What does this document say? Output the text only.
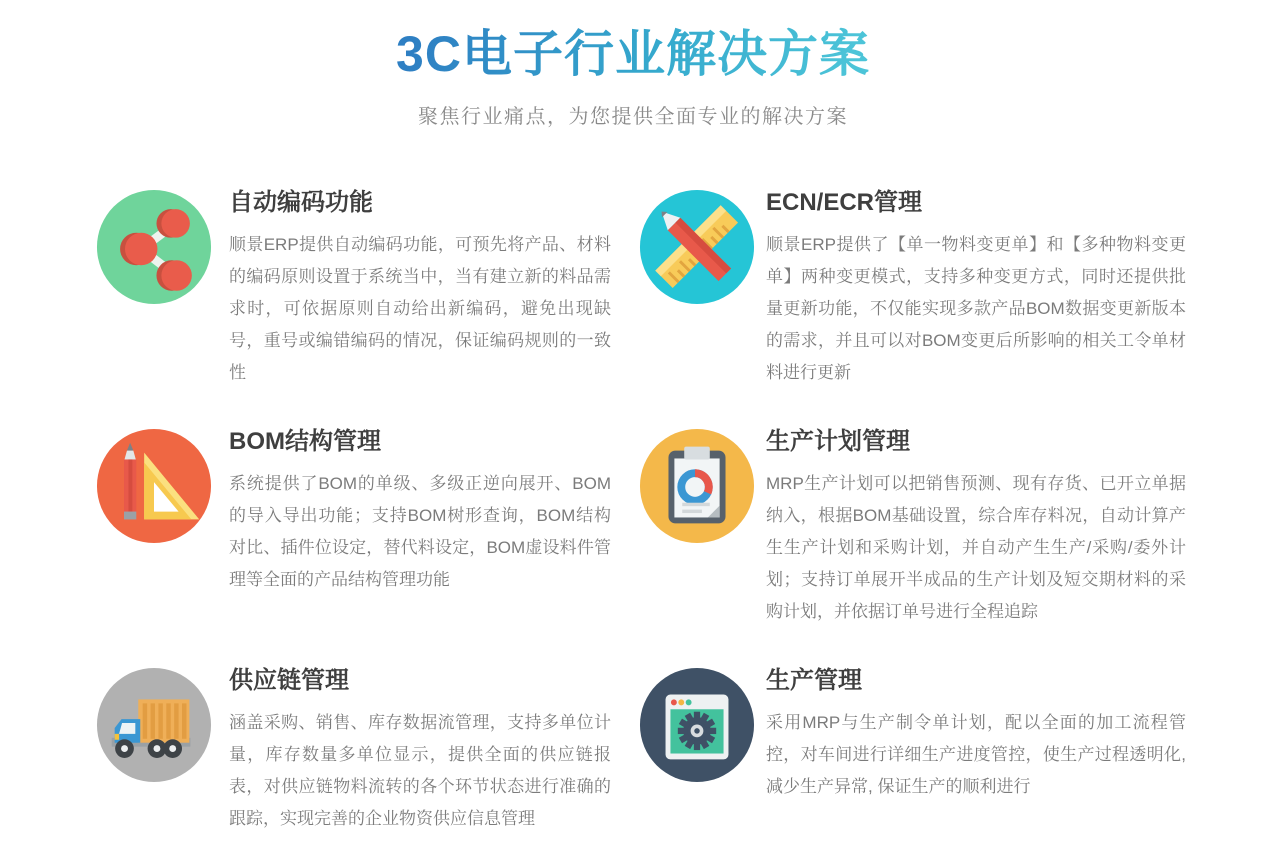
3C电子行业解决方案

聚焦行业痛点，为您提供全面专业的解决方案

自动编码功能

顺景ERP提供自动编码功能，可预先将产品、材料的编码原则设置于系统当中，当有建立新的料品需求时，可依据原则自动给出新编码，避免出现缺号，重号或编错编码的情况，保证编码规则的一致性

ECN/ECR管理

顺景ERP提供了【单一物料变更单】和【多种物料变更单】两种变更模式，支持多种变更方式，同时还提供批量更新功能，不仅能实现多款产品BOM数据变更新版本的需求，并且可以对BOM变更后所影响的相关工令单材料进行更新

BOM结构管理

系统提供了BOM的单级、多级正逆向展开、BOM的导入导出功能；支持BOM树形查询，BOM结构对比、插件位设定，替代料设定，BOM虚设料件管理等全面的产品结构管理功能

生产计划管理

MRP生产计划可以把销售预测、现有存货、已开立单据纳入，根据BOM基础设置，综合库存料况，自动计算产生生产计划和采购计划，并自动产生生产/采购/委外计划；支持订单展开半成品的生产计划及短交期材料的采购计划，并依据订单号进行全程追踪

供应链管理

涵盖采购、销售、库存数据流管理，支持多单位计量，库存数量多单位显示，提供全面的供应链报表，对供应链物料流转的各个环节状态进行准确的跟踪，实现完善的企业物资供应信息管理

生产管理

采用MRP与生产制令单计划，配以全面的加工流程管控，对车间进行详细生产进度管控，使生产过程透明化, 减少生产异常, 保证生产的顺利进行
